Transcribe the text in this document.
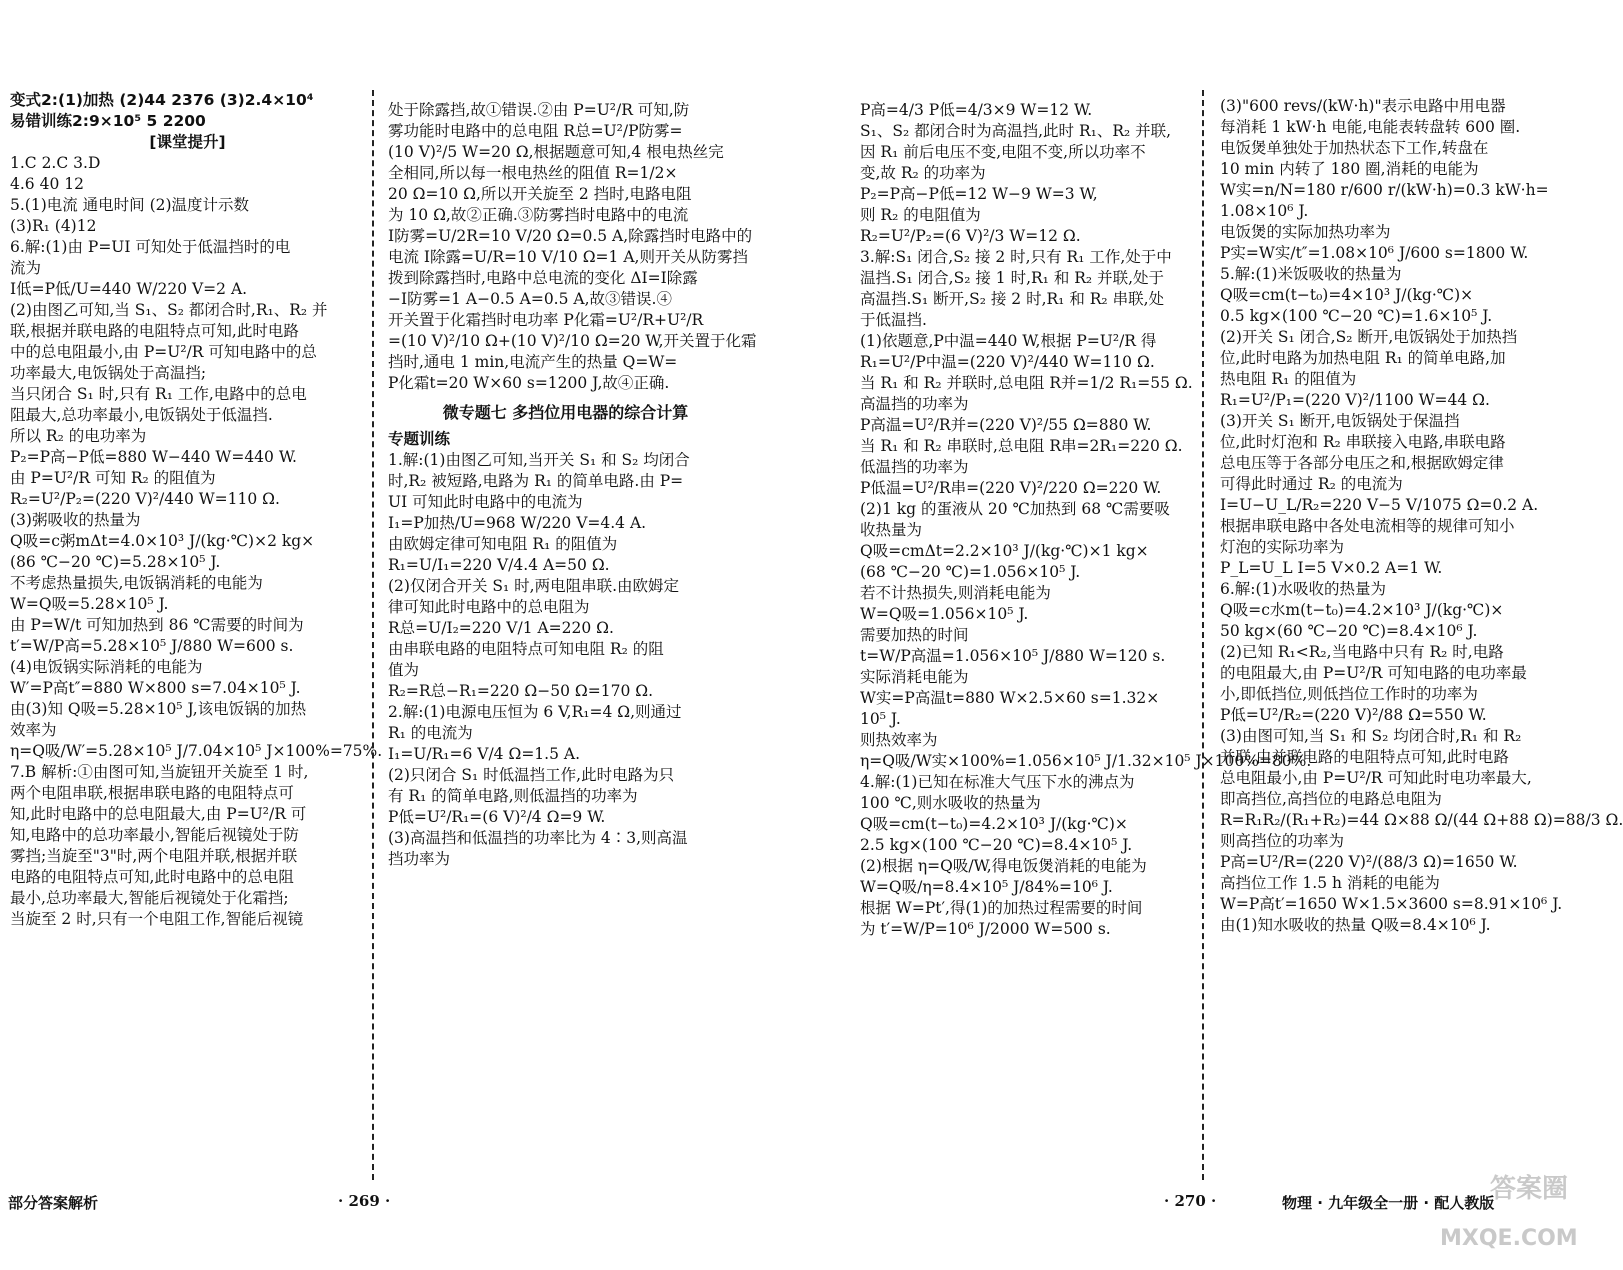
变式2:(1)加热 (2)44 2376 (3)2.4×10⁴
易错训练2:9×10⁵ 5 2200
[课堂提升]
1.C 2.C 3.D
4.6 40 12
5.(1)电流 通电时间 (2)温度计示数
(3)R₁ (4)12
6.解:(1)由 P=UI 可知处于低温挡时的电
流为
I低=P低/U=440 W/220 V=2 A.
(2)由图乙可知,当 S₁、S₂ 都闭合时,R₁、R₂ 并
联,根据并联电路的电阻特点可知,此时电路
中的总电阻最小,由 P=U²/R 可知电路中的总
功率最大,电饭锅处于高温挡;
当只闭合 S₁ 时,只有 R₁ 工作,电路中的总电
阻最大,总功率最小,电饭锅处于低温挡.
所以 R₂ 的电功率为
P₂=P高−P低=880 W−440 W=440 W.
由 P=U²/R 可知 R₂ 的阻值为
R₂=U²/P₂=(220 V)²/440 W=110 Ω.
(3)粥吸收的热量为
Q吸=c粥mΔt=4.0×10³ J/(kg·℃)×2 kg×
(86 ℃−20 ℃)=5.28×10⁵ J.
不考虑热量损失,电饭锅消耗的电能为
W=Q吸=5.28×10⁵ J.
由 P=W/t 可知加热到 86 ℃需要的时间为
t′=W/P高=5.28×10⁵ J/880 W=600 s.
(4)电饭锅实际消耗的电能为
W′=P高t″=880 W×800 s=7.04×10⁵ J.
由(3)知 Q吸=5.28×10⁵ J,该电饭锅的加热
效率为
η=Q吸/W′=5.28×10⁵ J/7.04×10⁵ J×100%=75%.
7.B 解析:①由图可知,当旋钮开关旋至 1 时,
两个电阻串联,根据串联电路的电阻特点可
知,此时电路中的总电阻最大,由 P=U²/R 可
知,电路中的总功率最小,智能后视镜处于防
雾挡;当旋至"3"时,两个电阻并联,根据并联
电路的电阻特点可知,此时电路中的总电阻
最小,总功率最大,智能后视镜处于化霜挡;
当旋至 2 时,只有一个电阻工作,智能后视镜
处于除露挡,故①错误.②由 P=U²/R 可知,防
雾功能时电路中的总电阻 R总=U²/P防雾=
(10 V)²/5 W=20 Ω,根据题意可知,4 根电热丝完
全相同,所以每一根电热丝的阻值 R=1/2×
20 Ω=10 Ω,所以开关旋至 2 挡时,电路电阻
为 10 Ω,故②正确.③防雾挡时电路中的电流
I防雾=U/2R=10 V/20 Ω=0.5 A,除露挡时电路中的
电流 I除露=U/R=10 V/10 Ω=1 A,则开关从防雾挡
拨到除露挡时,电路中总电流的变化 ΔI=I除露
−I防雾=1 A−0.5 A=0.5 A,故③错误.④
开关置于化霜挡时电功率 P化霜=U²/R+U²/R
=(10 V)²/10 Ω+(10 V)²/10 Ω=20 W,开关置于化霜
挡时,通电 1 min,电流产生的热量 Q=W=
P化霜t=20 W×60 s=1200 J,故④正确.
微专题七 多挡位用电器的综合计算
专题训练
1.解:(1)由图乙可知,当开关 S₁ 和 S₂ 均闭合
时,R₂ 被短路,电路为 R₁ 的简单电路.由 P=
UI 可知此时电路中的电流为
I₁=P加热/U=968 W/220 V=4.4 A.
由欧姆定律可知电阻 R₁ 的阻值为
R₁=U/I₁=220 V/4.4 A=50 Ω.
(2)仅闭合开关 S₁ 时,两电阻串联.由欧姆定
律可知此时电路中的总电阻为
R总=U/I₂=220 V/1 A=220 Ω.
由串联电路的电阻特点可知电阻 R₂ 的阻
值为
R₂=R总−R₁=220 Ω−50 Ω=170 Ω.
2.解:(1)电源电压恒为 6 V,R₁=4 Ω,则通过
R₁ 的电流为
I₁=U/R₁=6 V/4 Ω=1.5 A.
(2)只闭合 S₁ 时低温挡工作,此时电路为只
有 R₁ 的简单电路,则低温挡的功率为
P低=U²/R₁=(6 V)²/4 Ω=9 W.
(3)高温挡和低温挡的功率比为 4∶3,则高温
挡功率为
部分答案解析	· 269 ·
P高=4/3 P低=4/3×9 W=12 W.
S₁、S₂ 都闭合时为高温挡,此时 R₁、R₂ 并联,
因 R₁ 前后电压不变,电阻不变,所以功率不
变,故 R₂ 的功率为
P₂=P高−P低=12 W−9 W=3 W,
则 R₂ 的电阻值为
R₂=U²/P₂=(6 V)²/3 W=12 Ω.
3.解:S₁ 闭合,S₂ 接 2 时,只有 R₁ 工作,处于中
温挡.S₁ 闭合,S₂ 接 1 时,R₁ 和 R₂ 并联,处于
高温挡.S₁ 断开,S₂ 接 2 时,R₁ 和 R₂ 串联,处
于低温挡.
(1)依题意,P中温=440 W,根据 P=U²/R 得
R₁=U²/P中温=(220 V)²/440 W=110 Ω.
当 R₁ 和 R₂ 并联时,总电阻 R并=1/2 R₁=55 Ω.
高温挡的功率为
P高温=U²/R并=(220 V)²/55 Ω=880 W.
当 R₁ 和 R₂ 串联时,总电阻 R串=2R₁=220 Ω.
低温挡的功率为
P低温=U²/R串=(220 V)²/220 Ω=220 W.
(2)1 kg 的蛋液从 20 ℃加热到 68 ℃需要吸
收热量为
Q吸=cmΔt=2.2×10³ J/(kg·℃)×1 kg×
(68 ℃−20 ℃)=1.056×10⁵ J.
若不计热损失,则消耗电能为
W=Q吸=1.056×10⁵ J.
需要加热的时间
t=W/P高温=1.056×10⁵ J/880 W=120 s.
实际消耗电能为
W实=P高温t=880 W×2.5×60 s=1.32×
10⁵ J.
则热效率为
η=Q吸/W实×100%=1.056×10⁵ J/1.32×10⁵ J×100%=80%.
4.解:(1)已知在标准大气压下水的沸点为
100 ℃,则水吸收的热量为
Q吸=cm(t−t₀)=4.2×10³ J/(kg·℃)×
2.5 kg×(100 ℃−20 ℃)=8.4×10⁵ J.
(2)根据 η=Q吸/W,得电饭煲消耗的电能为
W=Q吸/η=8.4×10⁵ J/84%=10⁶ J.
根据 W=Pt′,得(1)的加热过程需要的时间
为 t′=W/P=10⁶ J/2000 W=500 s.
(3)"600 revs/(kW·h)"表示电路中用电器
每消耗 1 kW·h 电能,电能表转盘转 600 圈.
电饭煲单独处于加热状态下工作,转盘在
10 min 内转了 180 圈,消耗的电能为
W实=n/N=180 r/600 r/(kW·h)=0.3 kW·h=
1.08×10⁶ J.
电饭煲的实际加热功率为
P实=W实/t″=1.08×10⁶ J/600 s=1800 W.
5.解:(1)米饭吸收的热量为
Q吸=cm(t−t₀)=4×10³ J/(kg·℃)×
0.5 kg×(100 ℃−20 ℃)=1.6×10⁵ J.
(2)开关 S₁ 闭合,S₂ 断开,电饭锅处于加热挡
位,此时电路为加热电阻 R₁ 的简单电路,加
热电阻 R₁ 的阻值为
R₁=U²/P₁=(220 V)²/1100 W=44 Ω.
(3)开关 S₁ 断开,电饭锅处于保温挡
位,此时灯泡和 R₂ 串联接入电路,串联电路
总电压等于各部分电压之和,根据欧姆定律
可得此时通过 R₂ 的电流为
I=U−U_L/R₂=220 V−5 V/1075 Ω=0.2 A.
根据串联电路中各处电流相等的规律可知小
灯泡的实际功率为
P_L=U_L I=5 V×0.2 A=1 W.
6.解:(1)水吸收的热量为
Q吸=c水m(t−t₀)=4.2×10³ J/(kg·℃)×
50 kg×(60 ℃−20 ℃)=8.4×10⁶ J.
(2)已知 R₁<R₂,当电路中只有 R₂ 时,电路
的电阻最大,由 P=U²/R 可知电路的电功率最
小,即低挡位,则低挡位工作时的功率为
P低=U²/R₂=(220 V)²/88 Ω=550 W.
(3)由图可知,当 S₁ 和 S₂ 均闭合时,R₁ 和 R₂
并联,由并联电路的电阻特点可知,此时电路
总电阻最小,由 P=U²/R 可知此时电功率最大,
即高挡位,高挡位的电路总电阻为
R=R₁R₂/(R₁+R₂)=44 Ω×88 Ω/(44 Ω+88 Ω)=88/3 Ω.
则高挡位的功率为
P高=U²/R=(220 V)²/(88/3 Ω)=1650 W.
高挡位工作 1.5 h 消耗的电能为
W=P高t′=1650 W×1.5×3600 s=8.91×10⁶ J.
由(1)知水吸收的热量 Q吸=8.4×10⁶ J.
· 270 ·	物理 · 九年级全一册 · 配人教版
答案圈
MXQE.COM
